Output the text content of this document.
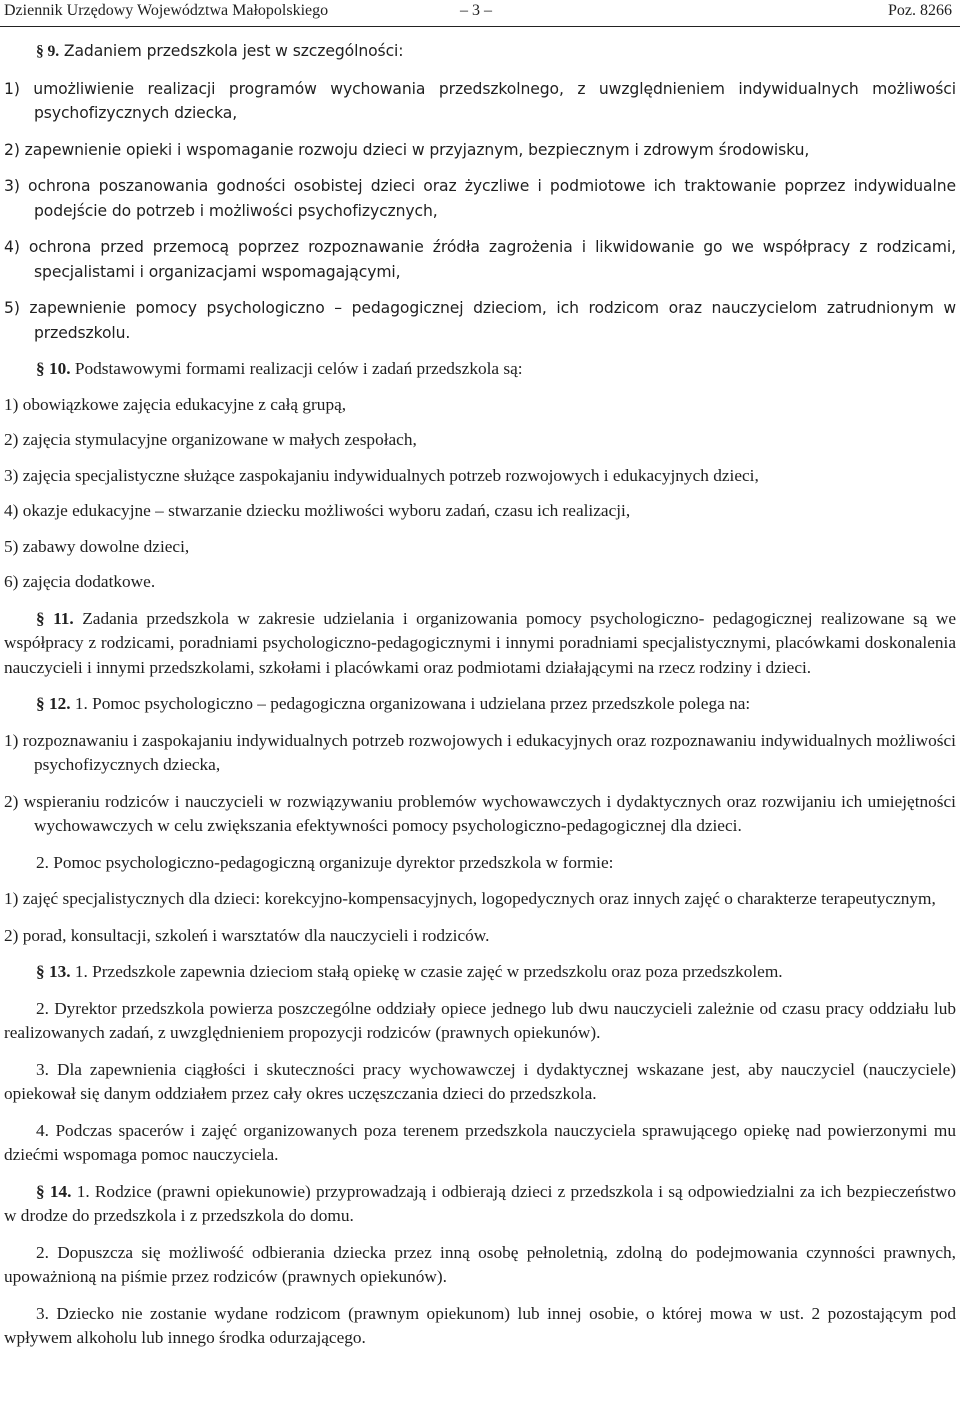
Dziennik Urzędowy Województwa Małopolskiego	– 3 –	Poz. 8266

§ 9. Zadaniem przedszkola jest w szczególności:

1) umożliwienie realizacji programów wychowania przedszkolnego, z uwzględnieniem indywidualnych możliwości psychofizycznych dziecka,

2) zapewnienie opieki i wspomaganie rozwoju dzieci w przyjaznym, bezpiecznym i zdrowym środowisku,

3) ochrona poszanowania godności osobistej dzieci oraz życzliwe i podmiotowe ich traktowanie poprzez indywidualne podejście do potrzeb i możliwości psychofizycznych,

4) ochrona przed przemocą poprzez rozpoznawanie źródła zagrożenia i likwidowanie go we współpracy z rodzicami, specjalistami i organizacjami wspomagającymi,

5) zapewnienie pomocy psychologiczno – pedagogicznej dzieciom, ich rodzicom oraz nauczycielom zatrudnionym w przedszkolu.

§ 10. Podstawowymi formami realizacji celów i zadań przedszkola są:

1) obowiązkowe zajęcia edukacyjne z całą grupą,

2) zajęcia stymulacyjne organizowane w małych zespołach,

3) zajęcia specjalistyczne służące zaspokajaniu indywidualnych potrzeb rozwojowych i edukacyjnych dzieci,

4) okazje edukacyjne – stwarzanie dziecku możliwości wyboru zadań, czasu ich realizacji,

5) zabawy dowolne dzieci,

6) zajęcia dodatkowe.

§ 11. Zadania przedszkola w zakresie udzielania i organizowania pomocy psychologiczno- pedagogicznej realizowane są we współpracy z rodzicami, poradniami psychologiczno-pedagogicznymi i innymi poradniami specjalistycznymi, placówkami doskonalenia nauczycieli i innymi przedszkolami, szkołami i placówkami oraz podmiotami działającymi na rzecz rodziny i dzieci.

§ 12. 1. Pomoc psychologiczno – pedagogiczna organizowana i udzielana przez przedszkole polega na:

1) rozpoznawaniu i zaspokajaniu indywidualnych potrzeb rozwojowych i edukacyjnych oraz rozpoznawaniu indywidualnych możliwości psychofizycznych dziecka,

2) wspieraniu rodziców i nauczycieli w rozwiązywaniu problemów wychowawczych i dydaktycznych oraz rozwijaniu ich umiejętności wychowawczych w celu zwiększania efektywności pomocy psychologiczno-pedagogicznej dla dzieci.

2. Pomoc psychologiczno-pedagogiczną organizuje dyrektor przedszkola w formie:

1) zajęć specjalistycznych dla dzieci: korekcyjno-kompensacyjnych, logopedycznych oraz innych zajęć o charakterze terapeutycznym,

2) porad, konsultacji, szkoleń i warsztatów dla nauczycieli i rodziców.

§ 13. 1. Przedszkole zapewnia dzieciom stałą opiekę w czasie zajęć w przedszkolu oraz poza przedszkolem.

2. Dyrektor przedszkola powierza poszczególne oddziały opiece jednego lub dwu nauczycieli zależnie od czasu pracy oddziału lub realizowanych zadań, z uwzględnieniem propozycji rodziców (prawnych opiekunów).

3. Dla zapewnienia ciągłości i skuteczności pracy wychowawczej i dydaktycznej wskazane jest, aby nauczyciel (nauczyciele) opiekował się danym oddziałem przez cały okres uczęszczania dzieci do przedszkola.

4. Podczas spacerów i zajęć organizowanych poza terenem przedszkola nauczyciela sprawującego opiekę nad powierzonymi mu dziećmi wspomaga pomoc nauczyciela.

§ 14. 1. Rodzice (prawni opiekunowie) przyprowadzają i odbierają dzieci z przedszkola i są odpowiedzialni za ich bezpieczeństwo w drodze do przedszkola i z przedszkola do domu.

2. Dopuszcza się możliwość odbierania dziecka przez inną osobę pełnoletnią, zdolną do podejmowania czynności prawnych, upoważnioną na piśmie przez rodziców (prawnych opiekunów).

3. Dziecko nie zostanie wydane rodzicom (prawnym opiekunom) lub innej osobie, o której mowa w ust. 2 pozostającym pod wpływem alkoholu lub innego środka odurzającego.
